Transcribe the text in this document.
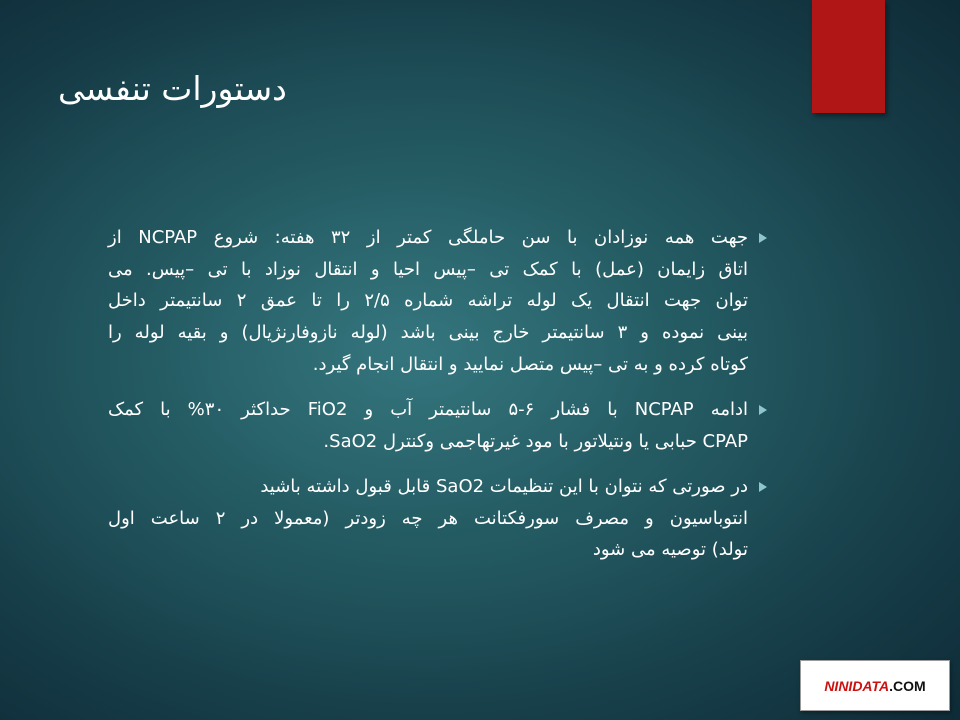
دستورات تنفسی
جهت همه نوزادان با سن حاملگی کمتر از ۳۲ هفته: شروع NCPAP از
اتاق زایمان (عمل) با کمک تی –پیس احیا و انتقال نوزاد با تی –پیس. می
توان جهت انتقال یک لوله تراشه شماره ۲/۵ را تا عمق ۲ سانتیمتر داخل
بینی نموده و ۳ سانتیمتر خارج بینی باشد (لوله نازوفارنژیال) و بقیه لوله را
کوتاه کرده و به تی –پیس متصل نمایید و انتقال انجام گیرد.
ادامه NCPAP با فشار ۶-۵ سانتیمتر آب و FiO2 حداکثر ۳۰% با کمک
CPAP حبابی یا ونتیلاتور با مود غیرتهاجمی وکنترل SaO2.
در صورتی که نتوان با این تنظیمات SaO2 قابل قبول داشته باشید
انتوباسیون و مصرف سورفکتانت هر چه زودتر (معمولا در ۲ ساعت اول
تولد) توصیه می شود
NINIDATA .COM
